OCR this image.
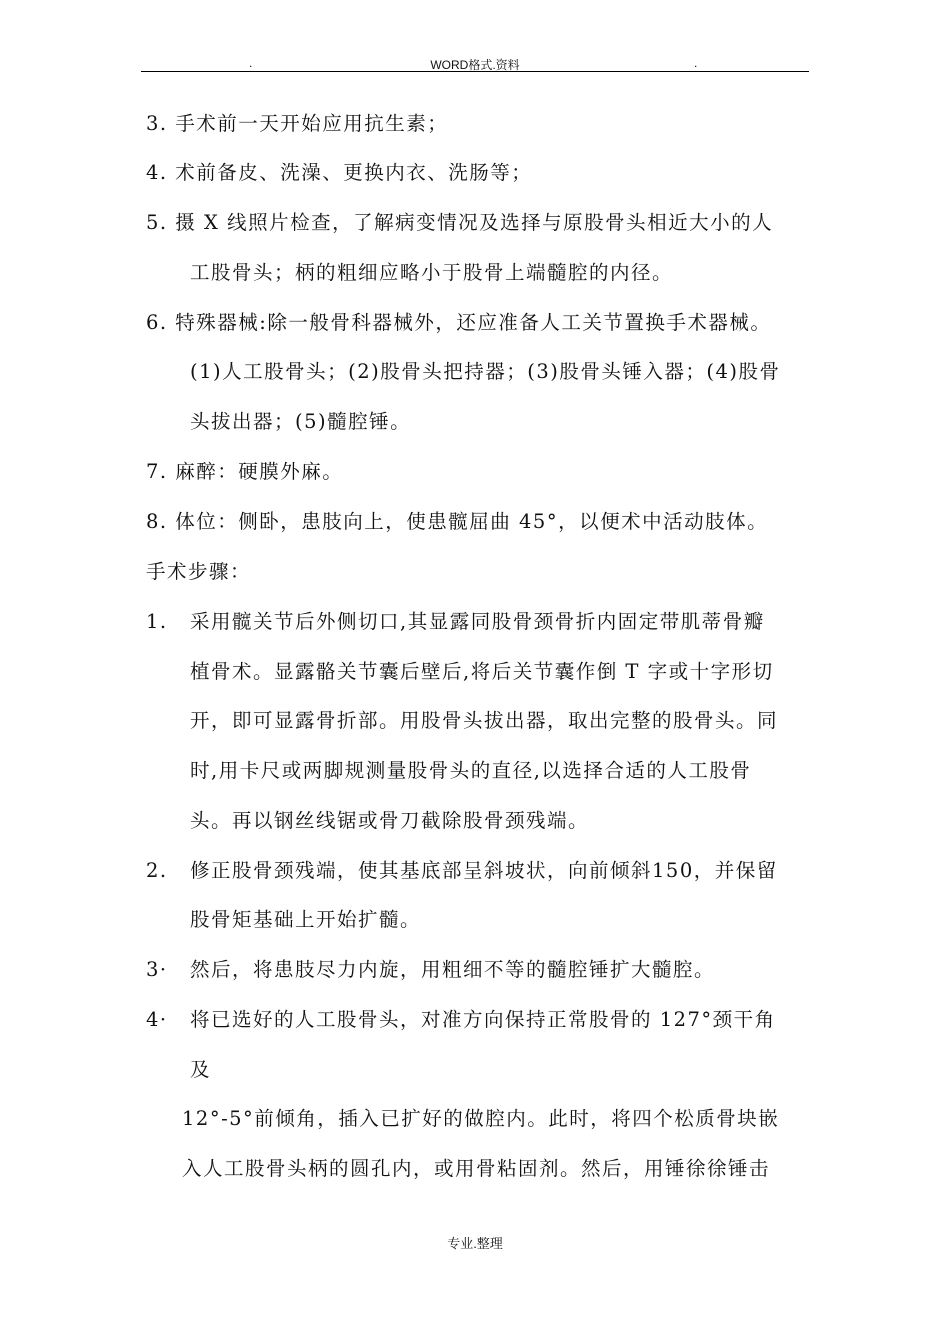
.	WORD格式.资料	.
3. 手术前一天开始应用抗生素；
4. 术前备皮、洗澡、更换内衣、洗肠等；
5. 摄 X 线照片检查，了解病变情况及选择与原股骨头相近大小的人
工股骨头；柄的粗细应略小于股骨上端髓腔的内径。
6. 特殊器械:除一般骨科器械外，还应准备人工关节置换手术器械。
(1)人工股骨头；(2)股骨头把持器；(3)股骨头锤入器；(4)股骨
头拔出器；(5)髓腔锤。
7. 麻醉：硬膜外麻。
8. 体位：侧卧，患肢向上，使患髋屈曲 45°，以便术中活动肢体。
手术步骤：
1. 采用髋关节后外侧切口,其显露同股骨颈骨折内固定带肌蒂骨瓣
植骨术。显露骼关节囊后壁后,将后关节囊作倒 T 字或十字形切
开，即可显露骨折部。用股骨头拔出器，取出完整的股骨头。同
时,用卡尺或两脚规测量股骨头的直径,以选择合适的人工股骨
头。再以钢丝线锯或骨刀截除股骨颈残端。
2. 修正股骨颈残端，使其基底部呈斜坡状，向前倾斜150，并保留
股骨矩基础上开始扩髓。
3· 然后，将患肢尽力内旋，用粗细不等的髓腔锤扩大髓腔。
4· 将已选好的人工股骨头，对准方向保持正常股骨的 127°颈干角
及
12°-5°前倾角，插入已扩好的做腔内。此时，将四个松质骨块嵌
入人工股骨头柄的圆孔内，或用骨粘固剂。然后，用锤徐徐锤击
专业.整理
